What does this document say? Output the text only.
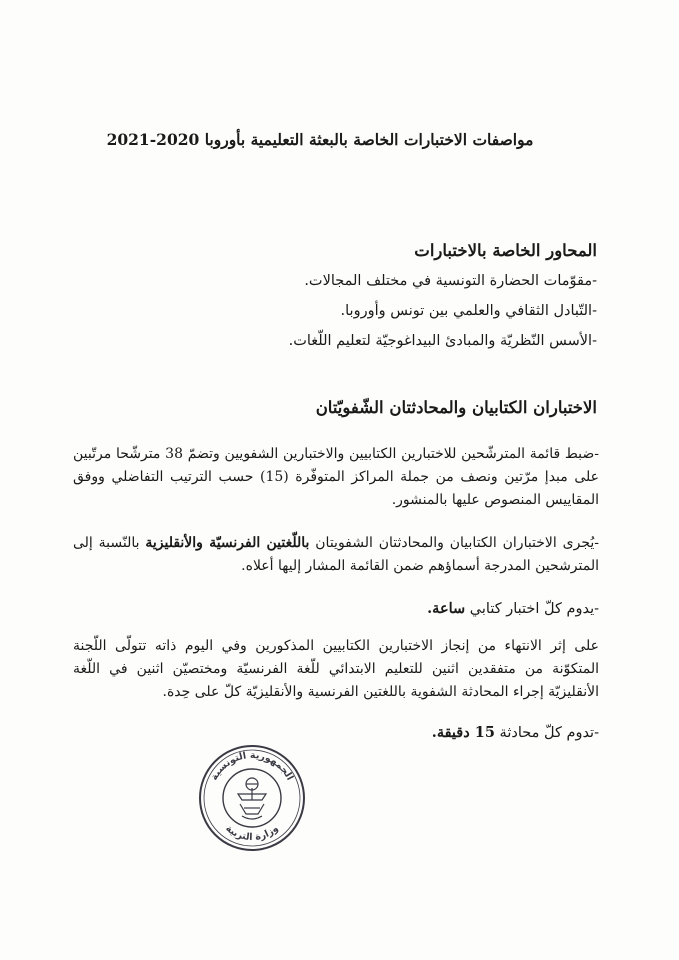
مواصفات الاختبارات الخاصة بالبعثة التعليمية بأوروبا 2020-2021

المحاور الخاصة بالاختبارات

-مقوّمات الحضارة التونسية في مختلف المجالات.
-التّبادل الثقافي والعلمي بين تونس وأوروبا.
-الأسس النّظريّة والمبادئ البيداغوجيّة لتعليم اللّغات.

الاختباران الكتابيان والمحادثتان الشّفويّتان

-ضبط قائمة المترشّحين للاختبارين الكتابيين والاختبارين الشفويين وتضمّ 38 مترشّحا مرتّبين على مبدإ مرّتين ونصف من جملة المراكز المتوفّرة (15) حسب الترتيب التفاضلي ووفق المقاييس المنصوص عليها بالمنشور.

-يُجرى الاختباران الكتابيان والمحادثتان الشفويتان باللّغتين الفرنسيّة والأنقليزية بالنّسبة إلى المترشحين المدرجة أسماؤهم ضمن القائمة المشار إليها أعلاه.

-يدوم كلّ اختبار كتابي ساعة.

على إثر الانتهاء من إنجاز الاختبارين الكتابيين المذكورين وفي اليوم ذاته تتولّى اللّجنة المتكوّنة من متفقدين اثنين للتعليم الابتدائي للّغة الفرنسيّة ومختصيّن اثنين في اللّغة الأنقليزيّة إجراء المحادثة الشفوية باللغتين الفرنسية والأنقليزيّة كلّ على حِدة.

-تدوم كلّ محادثة 15 دقيقة.

الجمهورية التونسية
وزارة التربية
